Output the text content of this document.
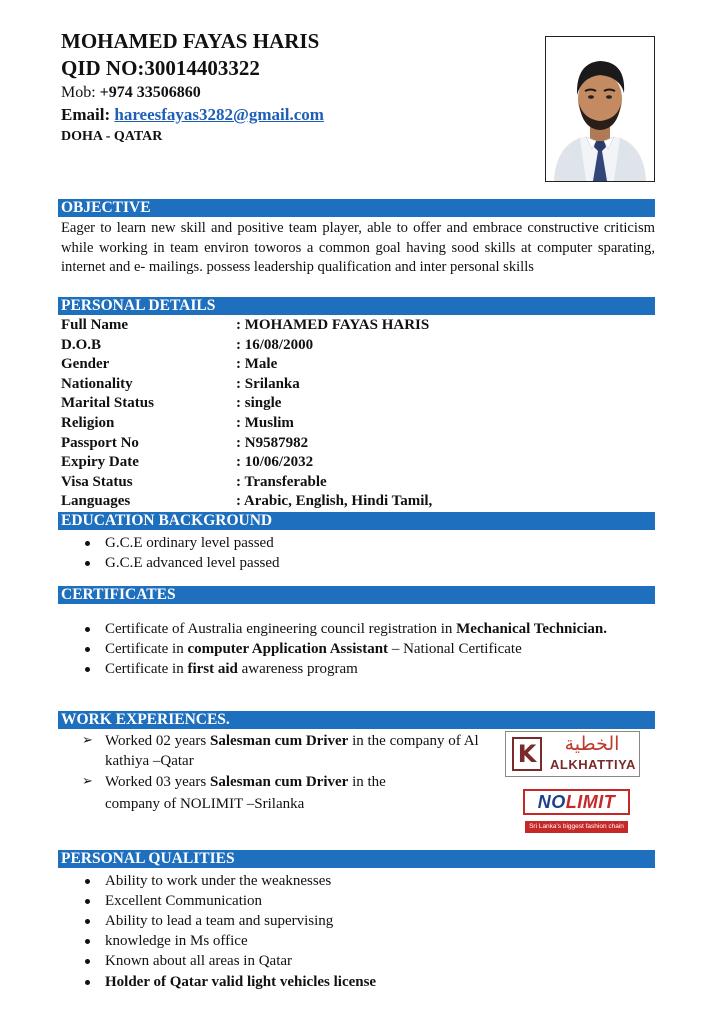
MOHAMED FAYAS HARIS
QID NO:30014403322
Mob: +974 33506860
Email: hareesfayas3282@gmail.com
DOHA - QATAR
OBJECTIVE
Eager to learn new skill and positive team player, able to offer and embrace constructive criticism while working in team environ toworos a common goal having sood skills at computer sparating, internet and e- mailings. possess leadership qualification and inter personal skills
PERSONAL DETAILS
Full Name	: MOHAMED FAYAS HARIS
D.O.B	: 16/08/2000
Gender	: Male
Nationality	: Srilanka
Marital Status	: single
Religion	: Muslim
Passport No	: N9587982
Expiry Date	: 10/06/2032
Visa Status	: Transferable
Languages	: Arabic, English, Hindi Tamil,
EDUCATION BACKGROUND
G.C.E ordinary level passed
G.C.E advanced level passed
CERTIFICATES
Certificate of Australia engineering council registration in Mechanical Technician.
Certificate in computer Application Assistant – National Certificate
Certificate in first aid awareness program
WORK EXPERIENCES.
➢ Worked 02 years Salesman cum Driver in the company of Al kathiya –Qatar
➢ Worked 03 years Salesman cum Driver in the company of NOLIMIT –Srilanka
K	الخطية
ALKHATTIYA
NOLIMIT
Sri Lanka's biggest fashion chain
PERSONAL QUALITIES
Ability to work under the weaknesses
Excellent Communication
Ability to lead a team and supervising
knowledge in Ms office
Known about all areas in Qatar
Holder of Qatar valid light vehicles license
